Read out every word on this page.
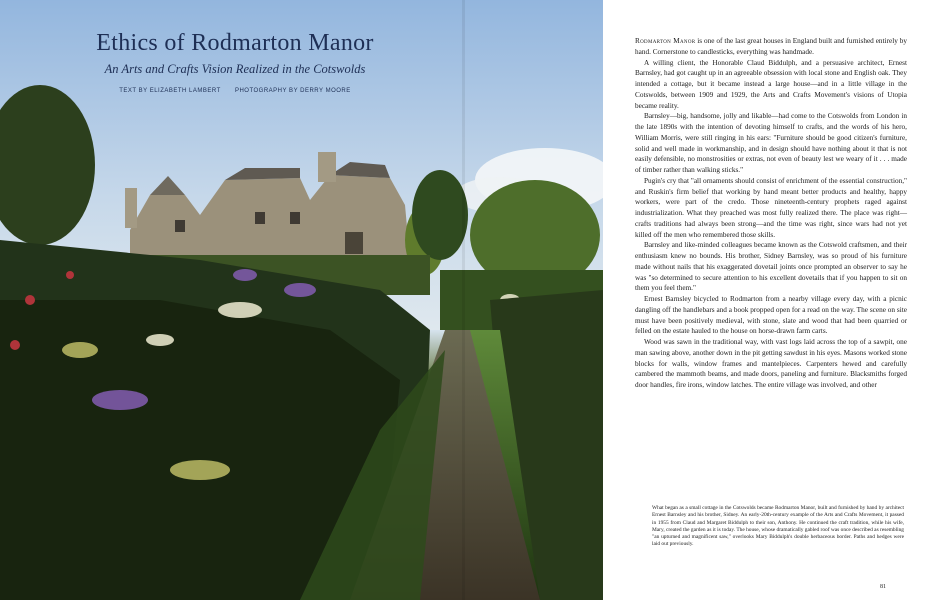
Ethics of Rodmarton Manor
An Arts and Crafts Vision Realized in the Cotswolds
TEXT BY ELIZABETH LAMBERT PHOTOGRAPHY BY DERRY MOORE

Rodmarton Manor is one of the last great houses in England built and furnished entirely by hand. Cornerstone to candlesticks, everything was handmade.

A willing client, the Honorable Claud Biddulph, and a persuasive architect, Ernest Barnsley, had got caught up in an agreeable obsession with local stone and English oak. They intended a cottage, but it became instead a large house—and in a little village in the Cotswolds, between 1909 and 1929, the Arts and Crafts Movement's visions of Utopia became reality.

Barnsley—big, handsome, jolly and likable—had come to the Cotswolds from London in the late 1890s with the intention of devoting himself to crafts, and the words of his hero, William Morris, were still ringing in his ears: "Furniture should be good citizen's furniture, solid and well made in workmanship, and in design should have nothing about it that is not easily defensible, no monstrosities or extras, not even of beauty lest we weary of it . . . made of timber rather than walking sticks."

Pugin's cry that "all ornaments should consist of enrichment of the essential construction," and Ruskin's firm belief that working by hand meant better products and healthy, happy workers, were part of the credo. Those nineteenth-century prophets raged against industrialization. What they preached was most fully realized there. The place was right—crafts traditions had always been strong—and the time was right, since wars had not yet killed off the men who remembered those skills.

Barnsley and like-minded colleagues became known as the Cotswold craftsmen, and their enthusiasm knew no bounds. His brother, Sidney Barnsley, was so proud of his furniture made without nails that his exaggerated dovetail joints once prompted an observer to say he was "so determined to secure attention to his excellent dovetails that if you happen to sit on them you feel them."

Ernest Barnsley bicycled to Rodmarton from a nearby village every day, with a picnic dangling off the handlebars and a book propped open for a read on the way. The scene on site must have been positively medieval, with stone, slate and wood that had been quarried or felled on the estate hauled to the house on horse-drawn farm carts.

Wood was sawn in the traditional way, with vast logs laid across the top of a sawpit, one man sawing above, another down in the pit getting sawdust in his eyes. Masons worked stone blocks for walls, window frames and mantelpieces. Carpenters hewed and carefully cambered the mammoth beams, and made doors, paneling and furniture. Blacksmiths forged door handles, fire irons, window latches. The entire village was involved, and other

What began as a small cottage in the Cotswolds became Rodmarton Manor, built and furnished by hand by architect Ernest Barnsley and his brother, Sidney. An early-20th-century example of the Arts and Crafts Movement, it passed in 1955 from Claud and Margaret Biddulph to their son, Anthony. He continued the craft tradition, while his wife, Mary, created the garden as it is today. The house, whose dramatically gabled roof was once described as resembling "an upturned and magnificent saw," overlooks Mary Biddulph's double herbaceous border. Paths and hedges were laid out previously.
81
